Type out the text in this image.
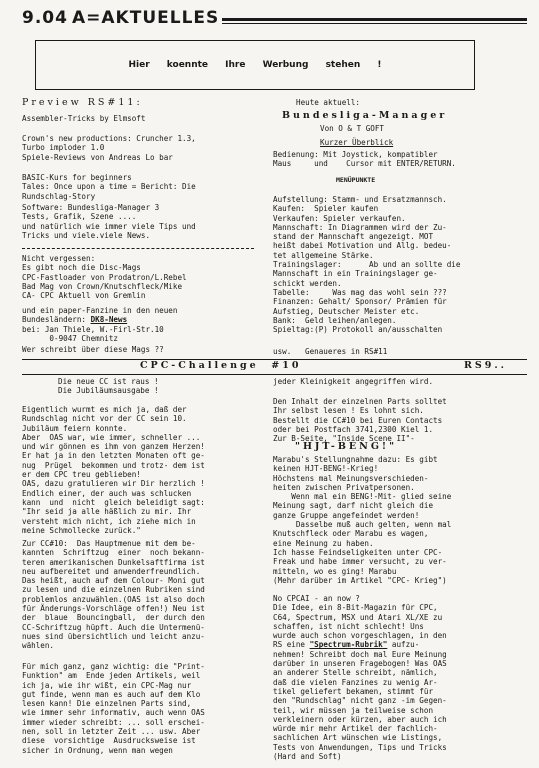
9.04 A=AKTUELLES
Hier koennte Ihre Werbung stehen !
Preview RS#11:
Assembler-Tricks by Elmsoft
Crown's new productions: Cruncher 1.3,
Turbo imploder 1.0
Spiele-Reviews von Andreas Lo bar
BASIC-Kurs for beginners
Tales: Once upon a time = Bericht: Die
Rundschlag-Story
Software: Bundesliga-Manager 3
Tests, Grafik, Szene ....
und natürlich wie immer viele Tips und
Tricks und viele.viele News.
Nicht vergessen:
Es gibt noch die Disc-Mags
CPC-Fastloader von Prodatron/L.Rebel
Bad Mag von Crown/Knutschfleck/Mike
CA- CPC Aktuell von Gremlin
und ein paper-Fanzine in den neuen
Bundesländern: DK8-News
bei: Jan Thiele, W.-Firl-Str.10
0-9047 Chemnitz
Wer schreibt über diese Mags ??
Heute aktuell:
Bundesliga-Manager
Von O & T GOFT
Kurzer Überblick
Bedienung: Mit Joystick, kompatibler
Maus     und    Cursor mit ENTER/RETURN.
MENÜPUNKTE
Aufstellung: Stamm- und Ersatzmannsch.
Kaufen:  Spieler kaufen
Verkaufen: Spieler verkaufen.
Mannschaft: In Diagrammen wird der Zu-
stand der Mannschaft angezeigt. MOT
heißt dabei Motivation und Allg. bedeu-
tet allgemeine Stärke.
Trainingslager:      Ab und an sollte die
Mannschaft in ein Trainingslager ge-
schickt werden.
Tabelle:     Was mag das wohl sein ???
Finanzen: Gehalt/ Sponsor/ Prämien für
Aufstieg, Deutscher Meister etc.
Bank:  Geld leihen/anlegen.
Spieltag:(P) Protokoll an/ausschalten
usw.   Genaueres in RS#11
CPC-Challenge  #10	RS9..
Die neue CC ist raus !
Die Jubiläumsausgabe !
Eigentlich wurmt es mich ja, daß der
Rundschlag nicht vor der CC sein 10.
Jubiläum feiern konnte.
Aber  OAS war, wie immer, schneller ...
und wir gönnen es ihm von ganzem Herzen!
Er hat ja in den letzten Monaten oft ge-
nug  Prügel  bekommen und trotz- dem ist
er dem CPC treu geblieben!
OAS, dazu gratulieren wir Dir herzlich !
Endlich einer, der auch was schlucken
kann  und  nicht  gleich beleidigt sagt:
"Ihr seid ja alle häßlich zu mir. Ihr
versteht mich nicht, ich ziehe mich in
meine Schmollecke zurück."
Zur CC#10:  Das Hauptmenue mit dem be-
kannten  Schriftzug  einer  noch bekann-
teren amerikanischen Dunkelsaftfirma ist
neu aufbereitet und anwenderfreundlich.
Das heißt, auch auf dem Colour- Moni gut
zu lesen und die einzelnen Rubriken sind
problemlos anzuwählen.(OAS ist also doch
für Änderungs-Vorschläge offen!) Neu ist
der  blaue  Bouncingball,  der durch den
CC-Schriftzug hüpft. Auch die Untermenü-
nues sind übersichtlich und leicht anzu-
wählen.
Für mich ganz, ganz wichtig: die "Print-
Funktion" am  Ende jeden Artikels, weil
ich ja, wie ihr wißt, ein CPC-Mag nur
gut finde, wenn man es auch auf dem Klo
lesen kann! Die einzelnen Parts sind,
wie immer sehr informativ, auch wenn OAS
immer wieder schreibt: ... soll erschei-
nen, soll in letzter Zeit ... usw. Aber
diese  vorsichtige  Ausdrucksweise ist
sicher in Ordnung, wenn man wegen
jeder Kleinigkeit angegriffen wird.
Den Inhalt der einzelnen Parts solltet
Ihr selbst lesen ! Es lohnt sich.
Bestellt die CC#10 bei Euren Contacts
oder bei Postfach 3741,2300 Kiel 1.
Zur B-Seite, "Inside Scene II"-
"HJT-BENG!"
Marabu's Stellungnahme dazu: Es gibt
keinen HJT-BENG!-Krieg!
Höchstens mal Meinungsverschieden-
heiten zwischen Privatpersonen.
Wenn mal ein BENG!-Mit- glied seine
Meinung sagt, darf nicht gleich die
ganze Gruppe angefeindet werden!
Dasselbe muß auch gelten, wenn mal
Knutschfleck oder Marabu es wagen,
eine Meinung zu haben.
Ich hasse Feindseligkeiten unter CPC-
Freak und habe immer versucht, zu ver-
mitteln, wo es ging! Marabu
(Mehr darüber im Artikel "CPC- Krieg")
No CPCAI - an now ?
Die Idee, ein 8-Bit-Magazin für CPC,
C64, Spectrum, MSX und Atari XL/XE zu
schaffen, ist nicht schlecht! Uns
wurde auch schon vorgeschlagen, in den
RS eine "Spectrum-Rubrik" aufzu-
nehmen! Schreibt doch mal Eure Meinung
darüber in unseren Fragebogen! Was OAS
an anderer Stelle schreibt, nämlich,
daß die vielen Fanzines zu wenig Ar-
tikel geliefert bekamen, stimmt für
den "Rundschlag" nicht ganz -im Gegen-
teil, wir müssen ja teilweise schon
verkleinern oder kürzen, aber auch ich
würde mir mehr Artikel der fachlich-
sachlichen Art wünschen wie Listings,
Tests von Anwendungen, Tips und Tricks
(Hard and Soft)
